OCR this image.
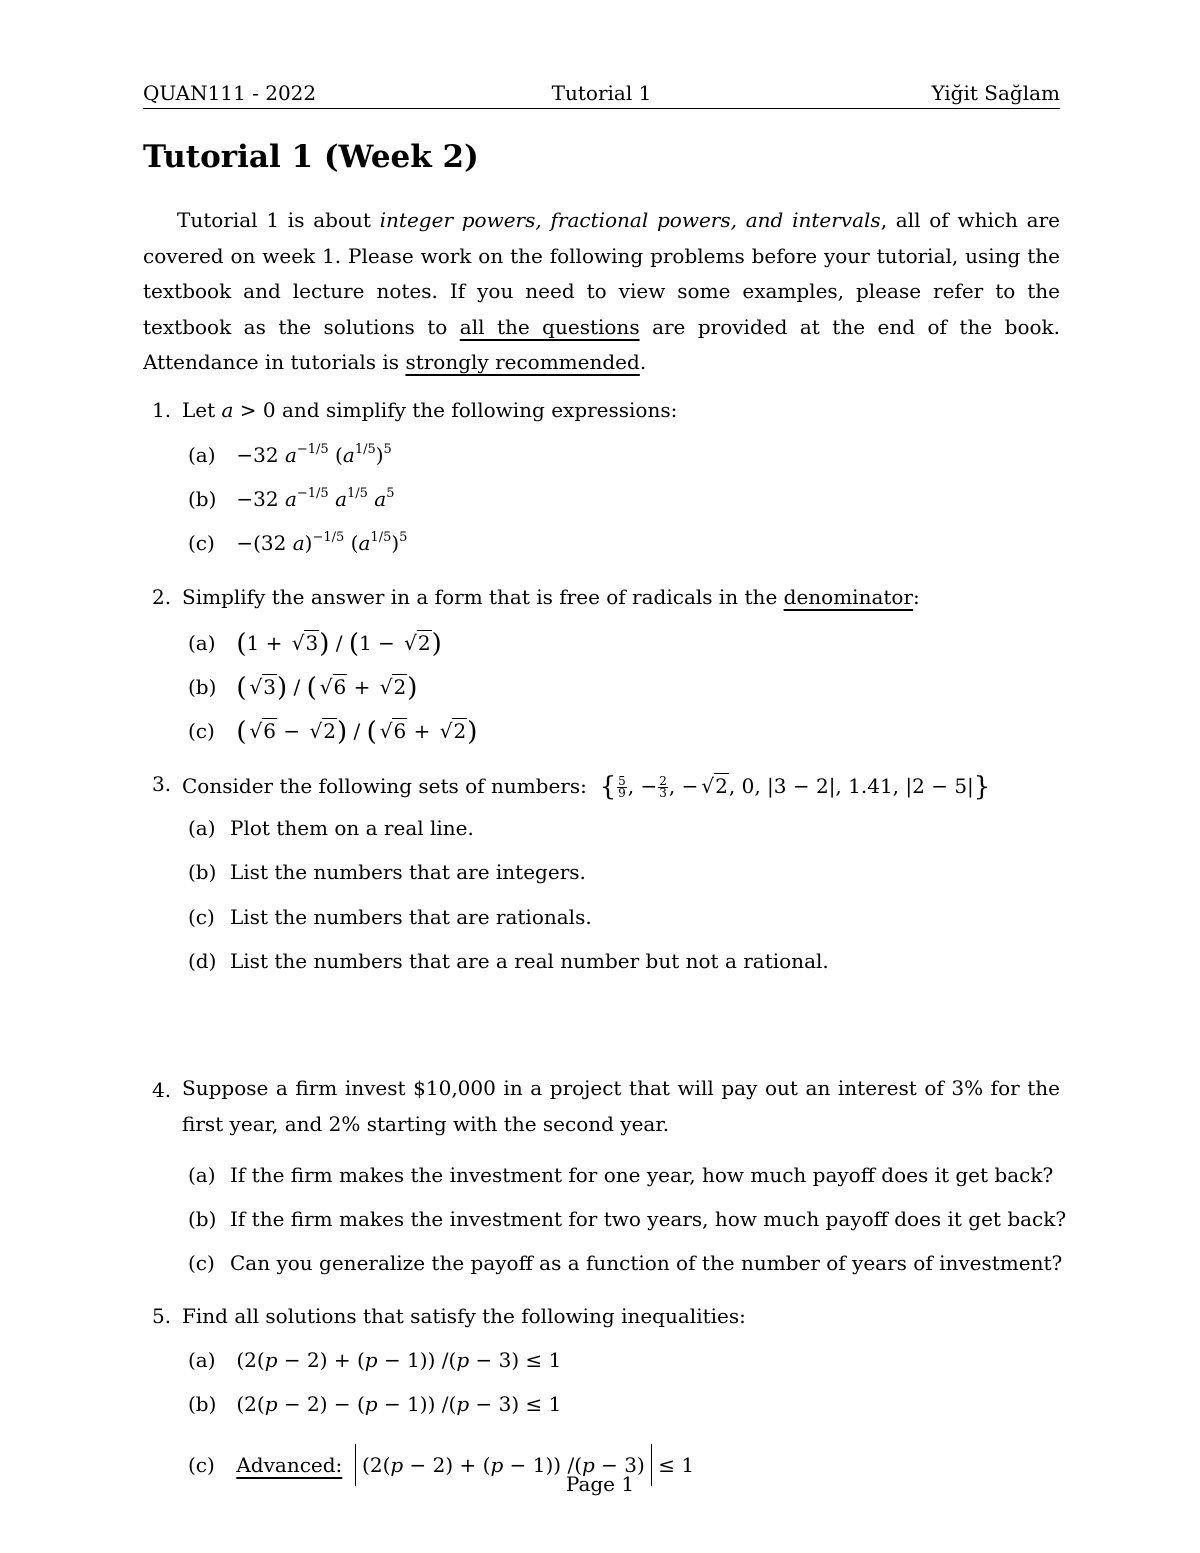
QUAN111 - 2022	Tutorial 1	Yiğit Sağlam
Tutorial 1 (Week 2)

Tutorial 1 is about integer powers, fractional powers, and intervals, all of which are covered on week 1. Please work on the following problems before your tutorial, using the textbook and lecture notes. If you need to view some examples, please refer to the textbook as the solutions to all the questions are provided at the end of the book. Attendance in tutorials is strongly recommended.

1. Let a > 0 and simplify the following expressions:
(a) −32 $a^{-1/5}$ $(a^{1/5})^5$
(b) −32 $a^{-1/5}$ $a^{1/5}$ $a^5$
(c) −(32 a)$^{-1/5}$ $(a^{1/5})^5$
2. Simplify the answer in a form that is free of radicals in the denominator:
(a) (1 + √3) / (1 − √2)
(b) ( √3) / ( √6 + √2)
(c) ( √6 − √2) / ( √6 + √2)
3. Consider the following sets of numbers: { $\frac{5}{9}$ , − $\frac{2}{3}$ , − √2, 0, |3 − 2|, 1.41, |2 − 5|}
(a) Plot them on a real line.
(b) List the numbers that are integers.
(c) List the numbers that are rationals.
(d) List the numbers that are a real number but not a rational.
4. Suppose a firm invest $10,000 in a project that will pay out an interest of 3% for the first year, and 2% starting with the second year.
(a) If the firm makes the investment for one year, how much payoff does it get back?
(b) If the firm makes the investment for two years, how much payoff does it get back?
(c) Can you generalize the payoff as a function of the number of years of investment?
5. Find all solutions that satisfy the following inequalities:
(a) (2(p − 2) + (p − 1)) /(p − 3) ≤ 1
(b) (2(p − 2) − (p − 1)) /(p − 3) ≤ 1
(c) Advanced: (2(p − 2) + (p − 1)) /(p − 3) ≤ 1
Page 1
